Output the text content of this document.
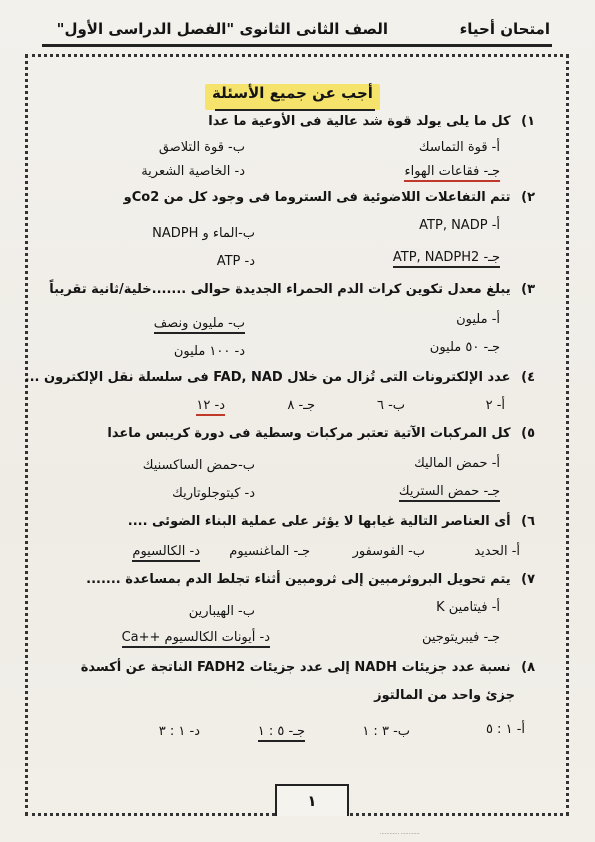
امتحان أحياء
الصف الثانى الثانوى "الفصل الدراسى الأول"
أجب عن جميع الأسئلة
١) كل ما يلى يولد قوة شد عالية فى الأوعية ما عدا
أ- قوة التماسك
ب- قوة التلاصق
جـ- فقاعات الهواء
د- الخاصية الشعرية
٢) تتم التفاعلات اللاضوئية فى الستروما فى وجود كل من Co2و
أ- ATP, NADP
ب-الماء و NADPH
جـ- ATP, NADPH2
د- ATP
٣) يبلغ معدل تكوين كرات الدم الحمراء الجديدة حوالى .......خلية/ثانية تقريباً
أ- مليون
ب- مليون ونصف
جـ- ٥٠ مليون
د- ١٠٠ مليون
٤) عدد الإلكترونات التى تُزال من خلال FAD, NAD فى سلسلة نقل الإلكترون ...
أ- ٢
ب- ٦
جـ- ٨
د- ١٢
٥) كل المركبات الآتية تعتبر مركبات وسطية فى دورة كريبس ماعدا
أ- حمض الماليك
ب-حمض الساكسنيك
جـ- حمض الستريك
د- كيتوجلوتاريك
٦) أى العناصر التالية غيابها لا يؤثر على عملية البناء الضوئى ....
أ- الحديد
ب- الفوسفور
جـ- الماغنسيوم
د- الكالسيوم
٧) يتم تحويل البروثرمبين إلى ثرومبين أثناء تجلط الدم بمساعدة .......
أ- فيتامين K
ب- الهيبارين
جـ- فيبريتوجين
د- أيونات الكالسيوم ++Ca
٨) نسبة عدد جزيئات NADH إلى عدد جزيئات FADH2 الناتجة عن أكسدة
جزئ واحد من المالتوز
أ- ١ : ٥
ب- ٣ : ١
جـ- ٥ : ١
د- ١ : ٣
١
............ ............
